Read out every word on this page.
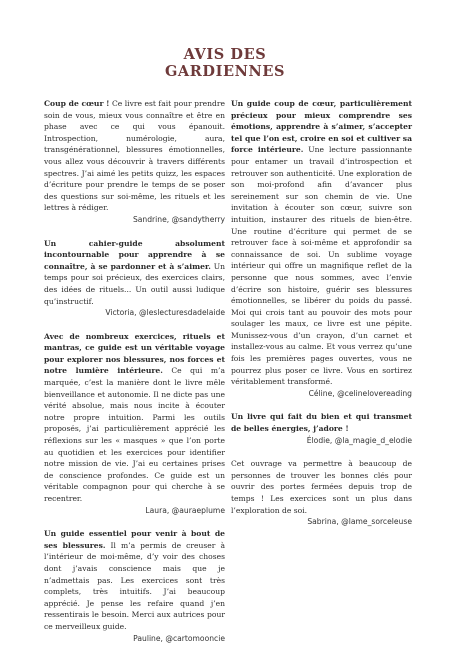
AVIS DES
GARDIENNES

Coup de cœur ! Ce livre est fait pour prendre soin de vous, mieux vous connaître et être en phase avec ce qui vous épanouit. Introspection, numérologie, aura, transgénérationnel, blessures émotionnelles, vous allez vous découvrir à travers différents spectres. J’ai aimé les petits quizz, les espaces d’écriture pour prendre le temps de se poser des questions sur soi-même, les rituels et les lettres à rédiger.

Sandrine, @sandytherry

Un cahier-guide absolument incontournable pour apprendre à se connaître, à se pardonner et à s’aimer. Un temps pour soi précieux, des exercices clairs, des idées de rituels... Un outil aussi ludique qu’instructif.

Victoria, @leslecturesdadelaide

Avec de nombreux exercices, rituels et mantras, ce guide est un véritable voyage pour explorer nos blessures, nos forces et notre lumière intérieure. Ce qui m’a marquée, c’est la manière dont le livre mêle bienveillance et autonomie. Il ne dicte pas une vérité absolue, mais nous incite à écouter notre propre intuition. Parmi les outils proposés, j’ai particulièrement apprécié les réflexions sur les « masques » que l’on porte au quotidien et les exercices pour identifier notre mission de vie. J’ai eu certaines prises de conscience profondes. Ce guide est un véritable compagnon pour qui cherche à se recentrer.

Laura, @auraeplume

Un guide essentiel pour venir à bout de ses blessures. Il m’a permis de creuser à l’intérieur de moi-même, d’y voir des choses dont j’avais conscience mais que je n’admettais pas. Les exercices sont très complets, très intuitifs. J’ai beaucoup apprécié. Je pense les refaire quand j’en ressentirais le besoin. Merci aux autrices pour ce merveilleux guide.

Pauline, @cartomooncie

Un guide coup de cœur, particulièrement précieux pour mieux comprendre ses émotions, apprendre à s’aimer, s’accepter tel que l’on est, croire en soi et cultiver sa force intérieure. Une lecture passionnante pour entamer un travail d’introspection et retrouver son authenticité. Une exploration de son moi-profond afin d’avancer plus sereinement sur son chemin de vie. Une invitation à écouter son cœur, suivre son intuition, instaurer des rituels de bien-être. Une routine d’écriture qui permet de se retrouver face à soi-même et approfondir sa connaissance de soi. Un sublime voyage intérieur qui offre un magnifique reflet de la personne que nous sommes, avec l’envie d’écrire son histoire, guérir ses blessures émotionnelles, se libérer du poids du passé. Moi qui crois tant au pouvoir des mots pour soulager les maux, ce livre est une pépite. Munissez-vous d’un crayon, d’un carnet et installez-vous au calme. Et vous verrez qu’une fois les premières pages ouvertes, vous ne pourrez plus poser ce livre. Vous en sortirez véritablement transformé.

Céline, @celinelovereading

Un livre qui fait du bien et qui transmet de belles énergies, j’adore !

Élodie, @la_magie_d_elodie

Cet ouvrage va permettre à beaucoup de personnes de trouver les bonnes clés pour ouvrir des portes fermées depuis trop de temps ! Les exercices sont un plus dans l’exploration de soi.

Sabrina, @lame_sorceleuse
